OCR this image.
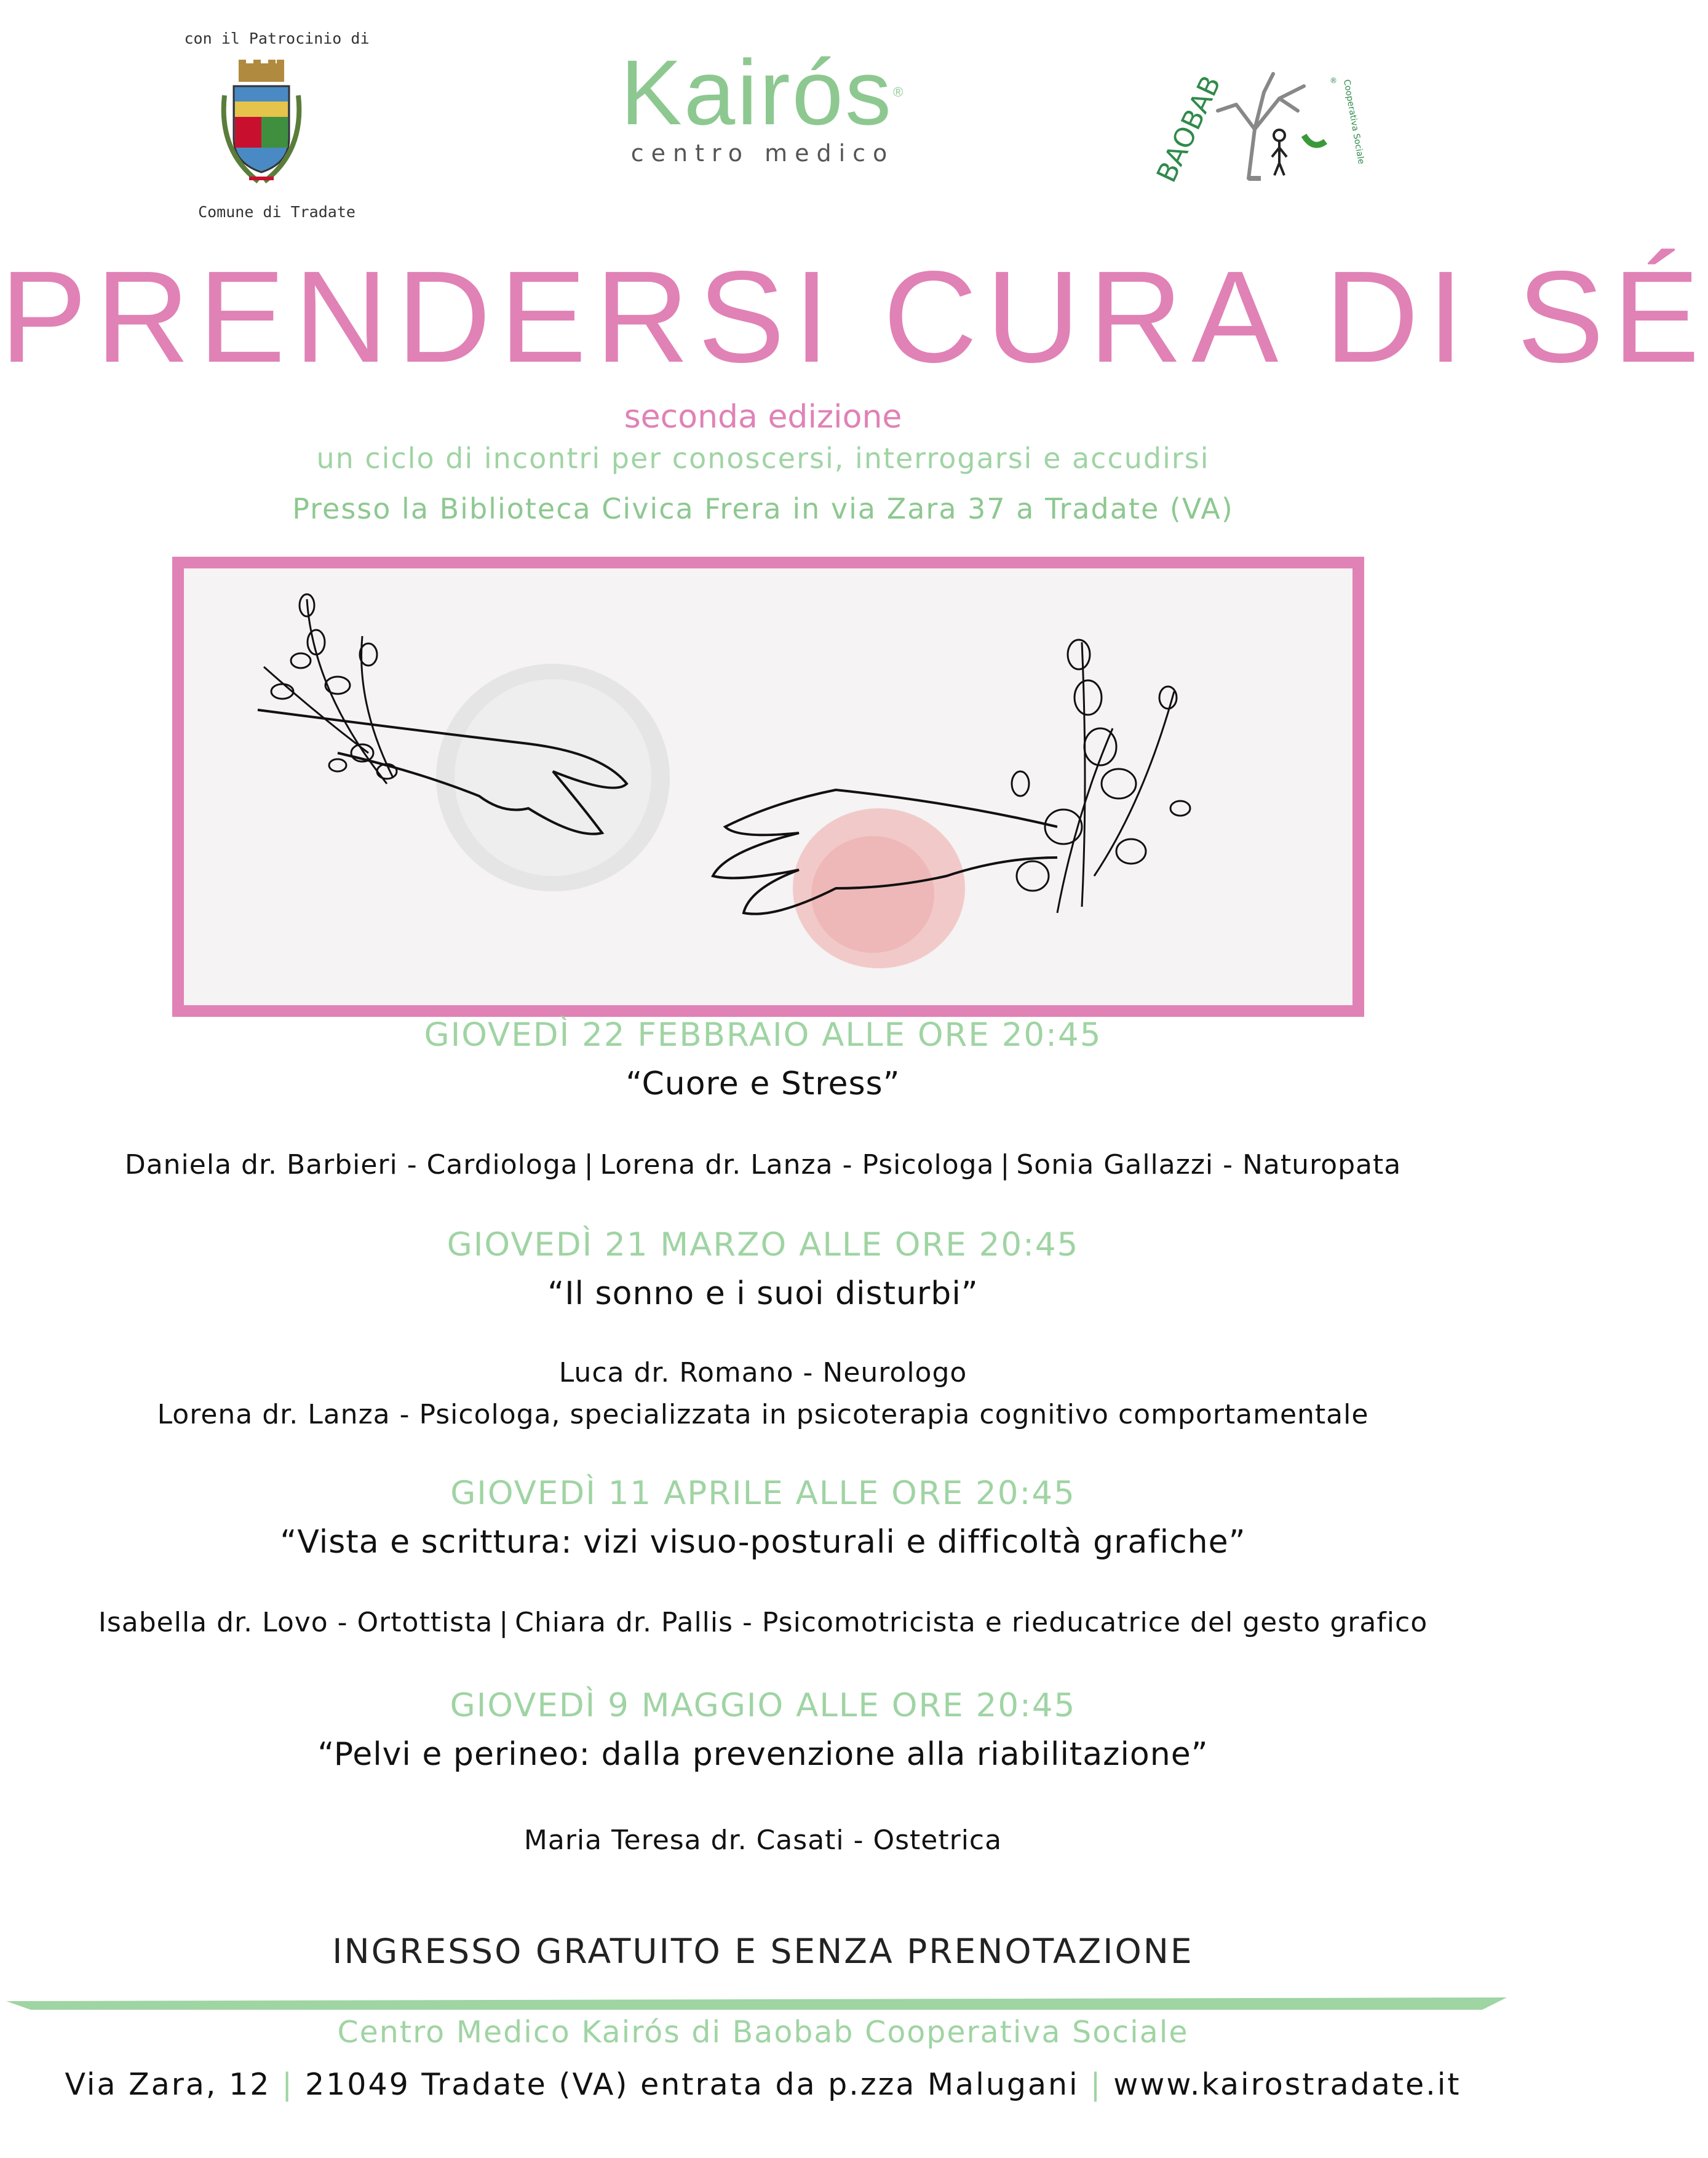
con il Patrocinio di
Comune di Tradate
Kairós®
centro medico	BAOBAB	Cooperativa Sociale
®
PRENDERSI CURA DI SÉ
seconda edizione
un ciclo di incontri per conoscersi, interrogarsi e accudirsi
Presso la Biblioteca Civica Frera in via Zara 37 a Tradate (VA)
GIOVEDÌ 22 FEBBRAIO ALLE ORE 20:45
“Cuore e Stress”
Daniela dr. Barbieri - Cardiologa | Lorena dr. Lanza - Psicologa | Sonia Gallazzi - Naturopata
GIOVEDÌ 21 MARZO ALLE ORE 20:45
“Il sonno e i suoi disturbi”
Luca dr. Romano - Neurologo
Lorena dr. Lanza - Psicologa, specializzata in psicoterapia cognitivo comportamentale
GIOVEDÌ 11 APRILE ALLE ORE 20:45
“Vista e scrittura: vizi visuo-posturali e difficoltà grafiche”
Isabella dr. Lovo - Ortottista | Chiara dr. Pallis - Psicomotricista e rieducatrice del gesto grafico
GIOVEDÌ 9 MAGGIO ALLE ORE 20:45
“Pelvi e perineo: dalla prevenzione alla riabilitazione”
Maria Teresa dr. Casati - Ostetrica
INGRESSO GRATUITO E SENZA PRENOTAZIONE
Centro Medico Kairós di Baobab Cooperativa Sociale
Via Zara, 12 | 21049 Tradate (VA) entrata da p.zza Malugani | www.kairostradate.it
